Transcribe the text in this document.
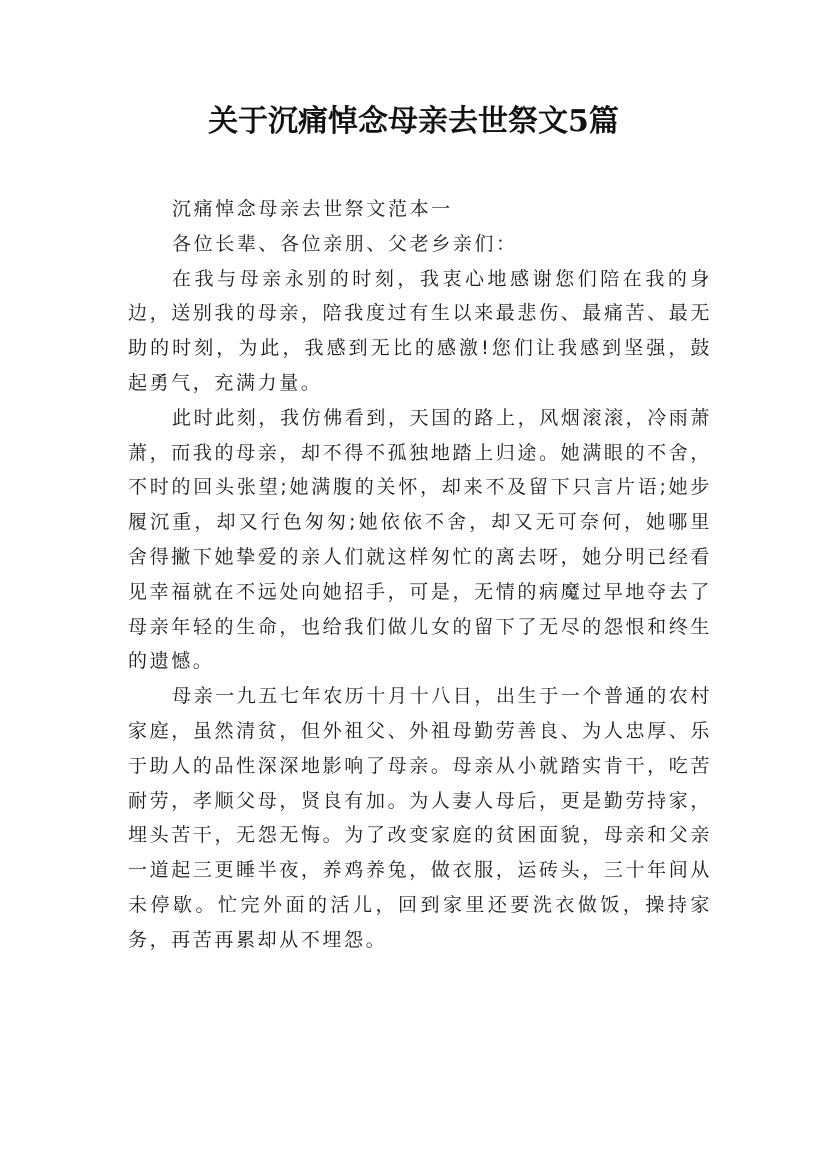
关于沉痛悼念母亲去世祭文5篇

沉痛悼念母亲去世祭文范本一

各位长辈、各位亲朋、父老乡亲们：

在我与母亲永别的时刻，我衷心地感谢您们陪在我的身边，送别我的母亲，陪我度过有生以来最悲伤、最痛苦、最无助的时刻，为此，我感到无比的感激!您们让我感到坚强，鼓起勇气，充满力量。

此时此刻，我仿佛看到，天国的路上，风烟滚滚，冷雨萧萧，而我的母亲，却不得不孤独地踏上归途。她满眼的不舍，不时的回头张望;她满腹的关怀，却来不及留下只言片语;她步履沉重，却又行色匆匆;她依依不舍，却又无可奈何，她哪里舍得撇下她挚爱的亲人们就这样匆忙的离去呀，她分明已经看见幸福就在不远处向她招手，可是，无情的病魔过早地夺去了母亲年轻的生命，也给我们做儿女的留下了无尽的怨恨和终生的遗憾。

母亲一九五七年农历十月十八日，出生于一个普通的农村家庭，虽然清贫，但外祖父、外祖母勤劳善良、为人忠厚、乐于助人的品性深深地影响了母亲。母亲从小就踏实肯干，吃苦耐劳，孝顺父母，贤良有加。为人妻人母后，更是勤劳持家，埋头苦干，无怨无悔。为了改变家庭的贫困面貌，母亲和父亲一道起三更睡半夜，养鸡养兔，做衣服，运砖头，三十年间从未停歇。忙完外面的活儿，回到家里还要洗衣做饭，操持家务，再苦再累却从不埋怨。
